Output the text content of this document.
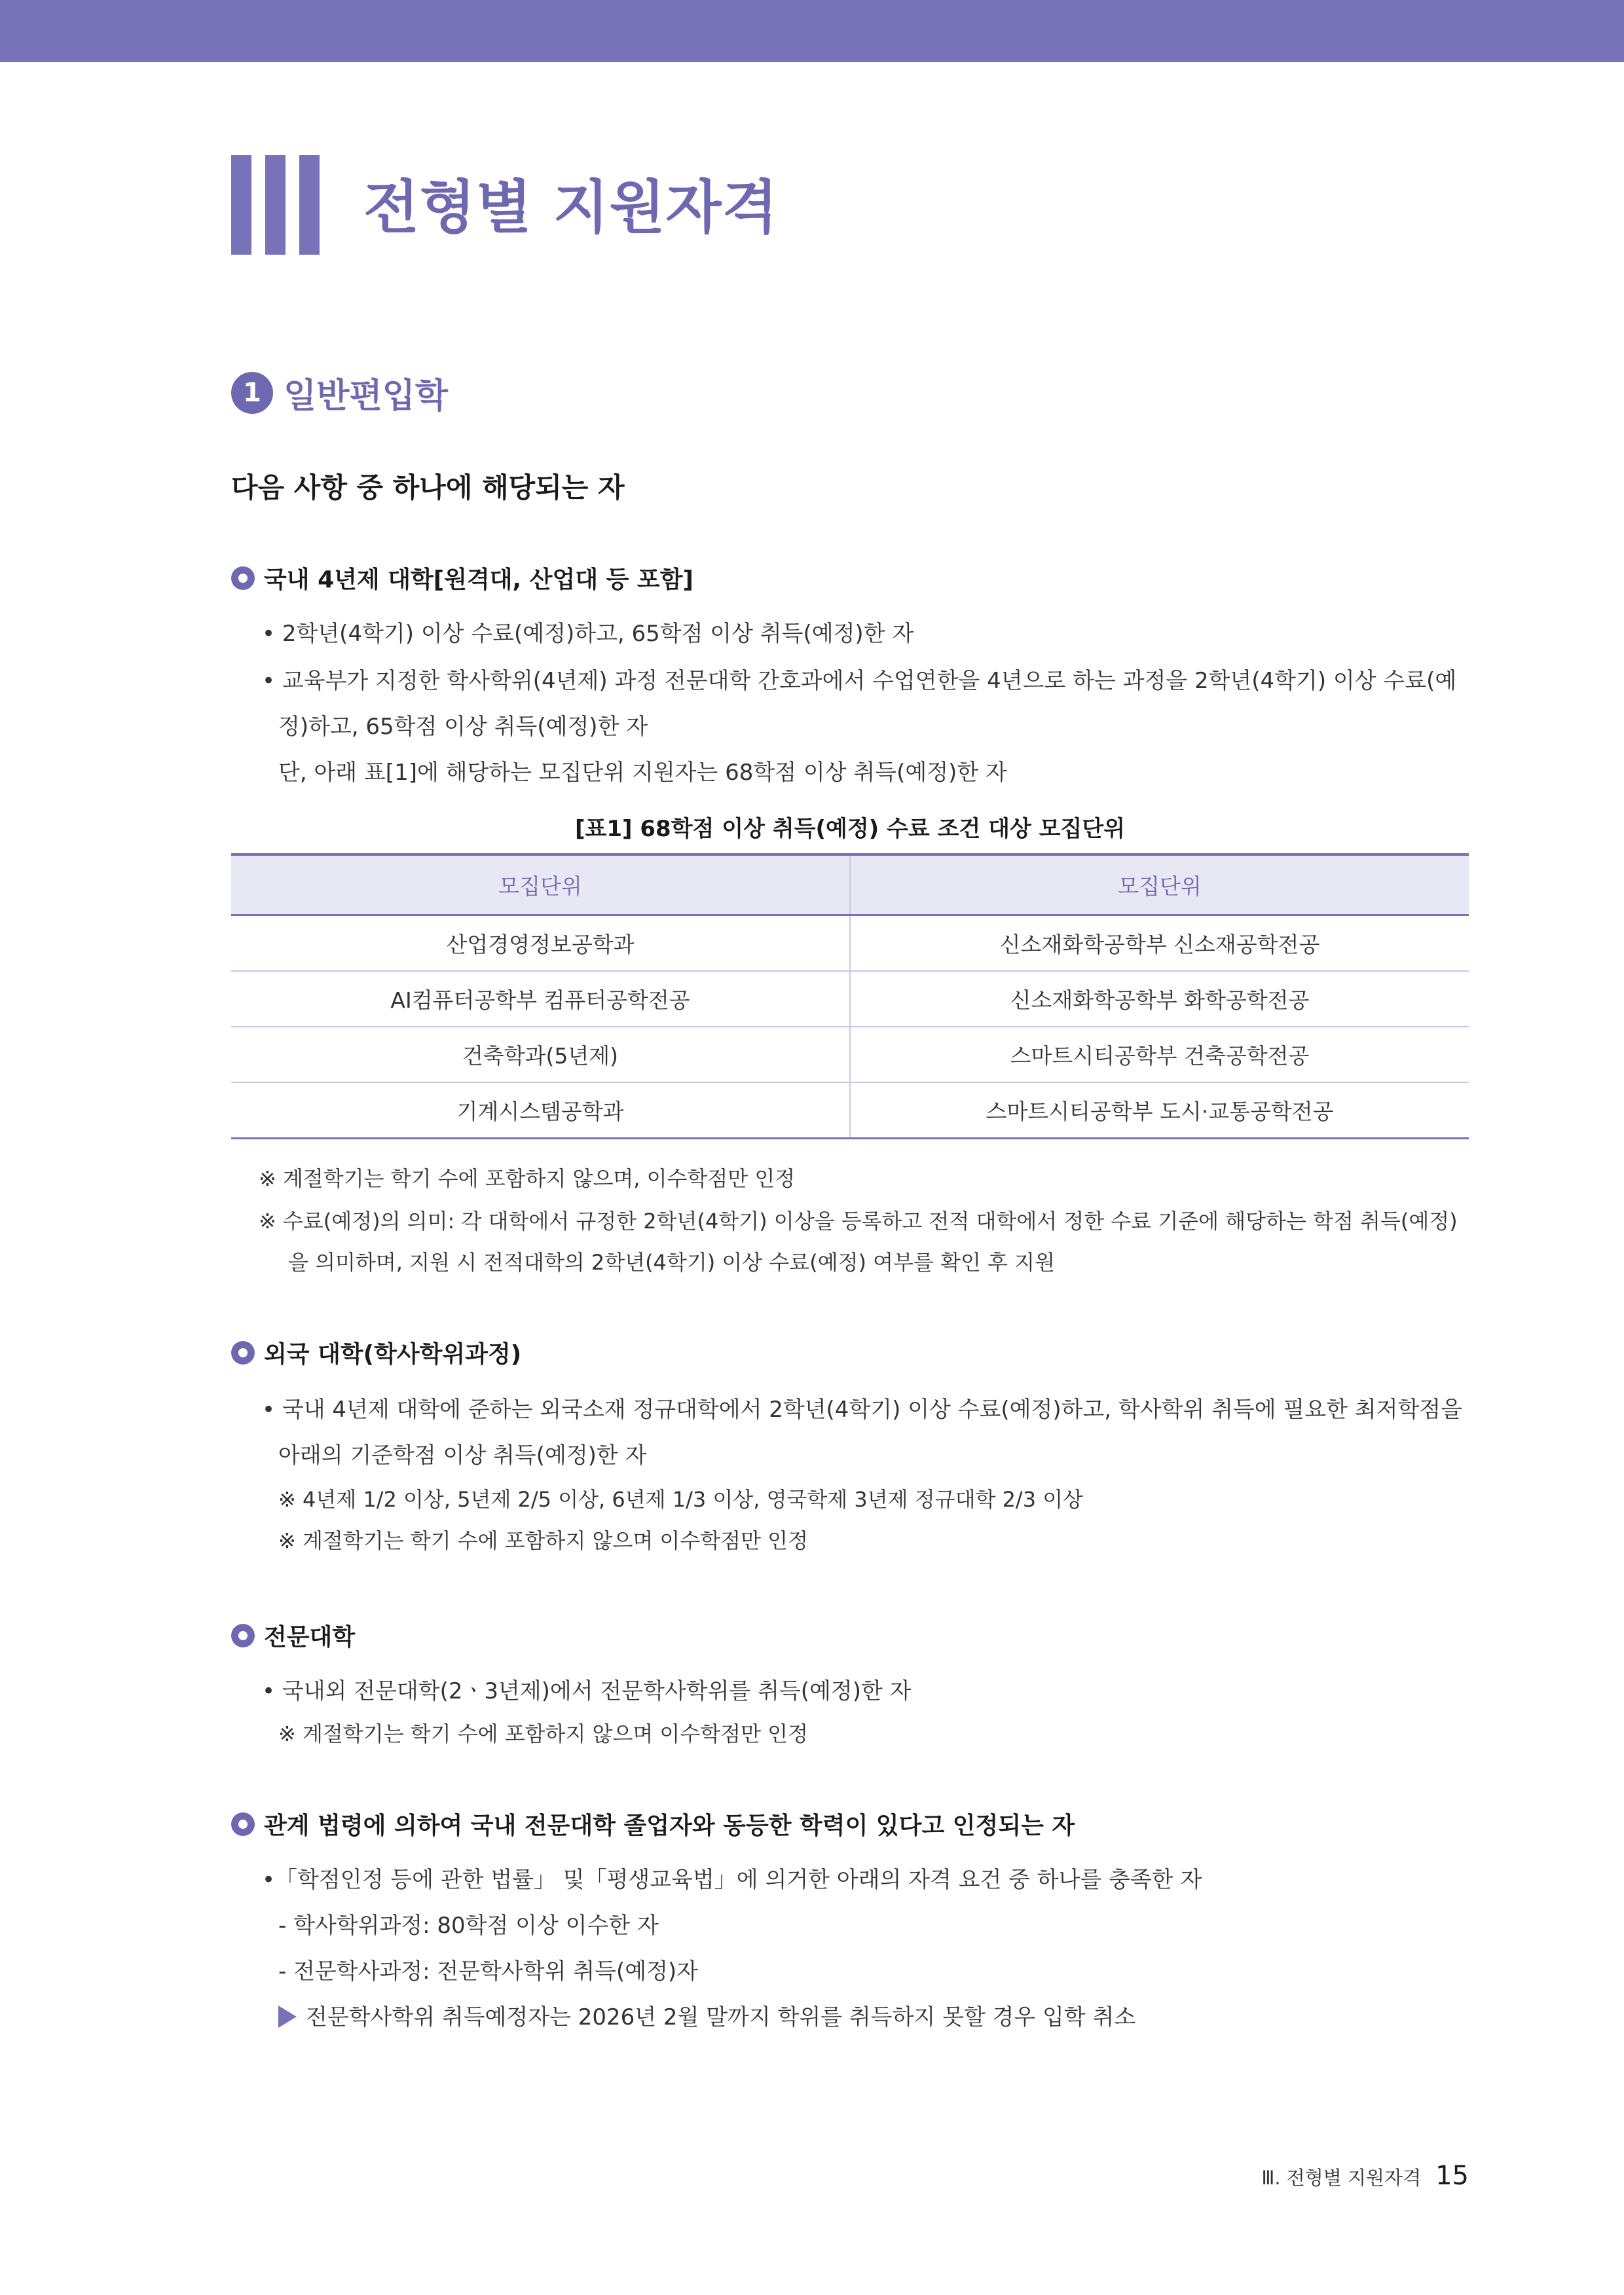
전형별 지원자격
1 일반편입학
다음 사항 중 하나에 해당되는 자
국내 4년제 대학[원격대, 산업대 등 포함]
• 2학년(4학기) 이상 수료(예정)하고, 65학점 이상 취득(예정)한 자
• 교육부가 지정한 학사학위(4년제) 과정 전문대학 간호과에서 수업연한을 4년으로 하는 과정을 2학년(4학기) 이상 수료(예
정)하고, 65학점 이상 취득(예정)한 자
단, 아래 표[1]에 해당하는 모집단위 지원자는 68학점 이상 취득(예정)한 자
[표1] 68학점 이상 취득(예정) 수료 조건 대상 모집단위
모집단위	모집단위
산업경영정보공학과	신소재화학공학부 신소재공학전공
AI컴퓨터공학부 컴퓨터공학전공	신소재화학공학부 화학공학전공
건축학과(5년제)	스마트시티공학부 건축공학전공
기계시스템공학과	스마트시티공학부 도시·교통공학전공
※ 계절학기는 학기 수에 포함하지 않으며, 이수학점만 인정
※ 수료(예정)의 의미: 각 대학에서 규정한 2학년(4학기) 이상을 등록하고 전적 대학에서 정한 수료 기준에 해당하는 학점 취득(예정)
을 의미하며, 지원 시 전적대학의 2학년(4학기) 이상 수료(예정) 여부를 확인 후 지원
외국 대학(학사학위과정)
• 국내 4년제 대학에 준하는 외국소재 정규대학에서 2학년(4학기) 이상 수료(예정)하고, 학사학위 취득에 필요한 최저학점을
아래의 기준학점 이상 취득(예정)한 자
※ 4년제 1/2 이상, 5년제 2/5 이상, 6년제 1/3 이상, 영국학제 3년제 정규대학 2/3 이상
※ 계절학기는 학기 수에 포함하지 않으며 이수학점만 인정
전문대학
• 국내외 전문대학(2ㆍ3년제)에서 전문학사학위를 취득(예정)한 자
※ 계절학기는 학기 수에 포함하지 않으며 이수학점만 인정
관계 법령에 의하여 국내 전문대학 졸업자와 동등한 학력이 있다고 인정되는 자
•「학점인정 등에 관한 법률」 및「평생교육법」에 의거한 아래의 자격 요건 중 하나를 충족한 자
- 학사학위과정: 80학점 이상 이수한 자
- 전문학사과정: 전문학사학위 취득(예정)자
전문학사학위 취득예정자는 2026년 2월 말까지 학위를 취득하지 못할 경우 입학 취소
Ⅲ. 전형별 지원자격 15
